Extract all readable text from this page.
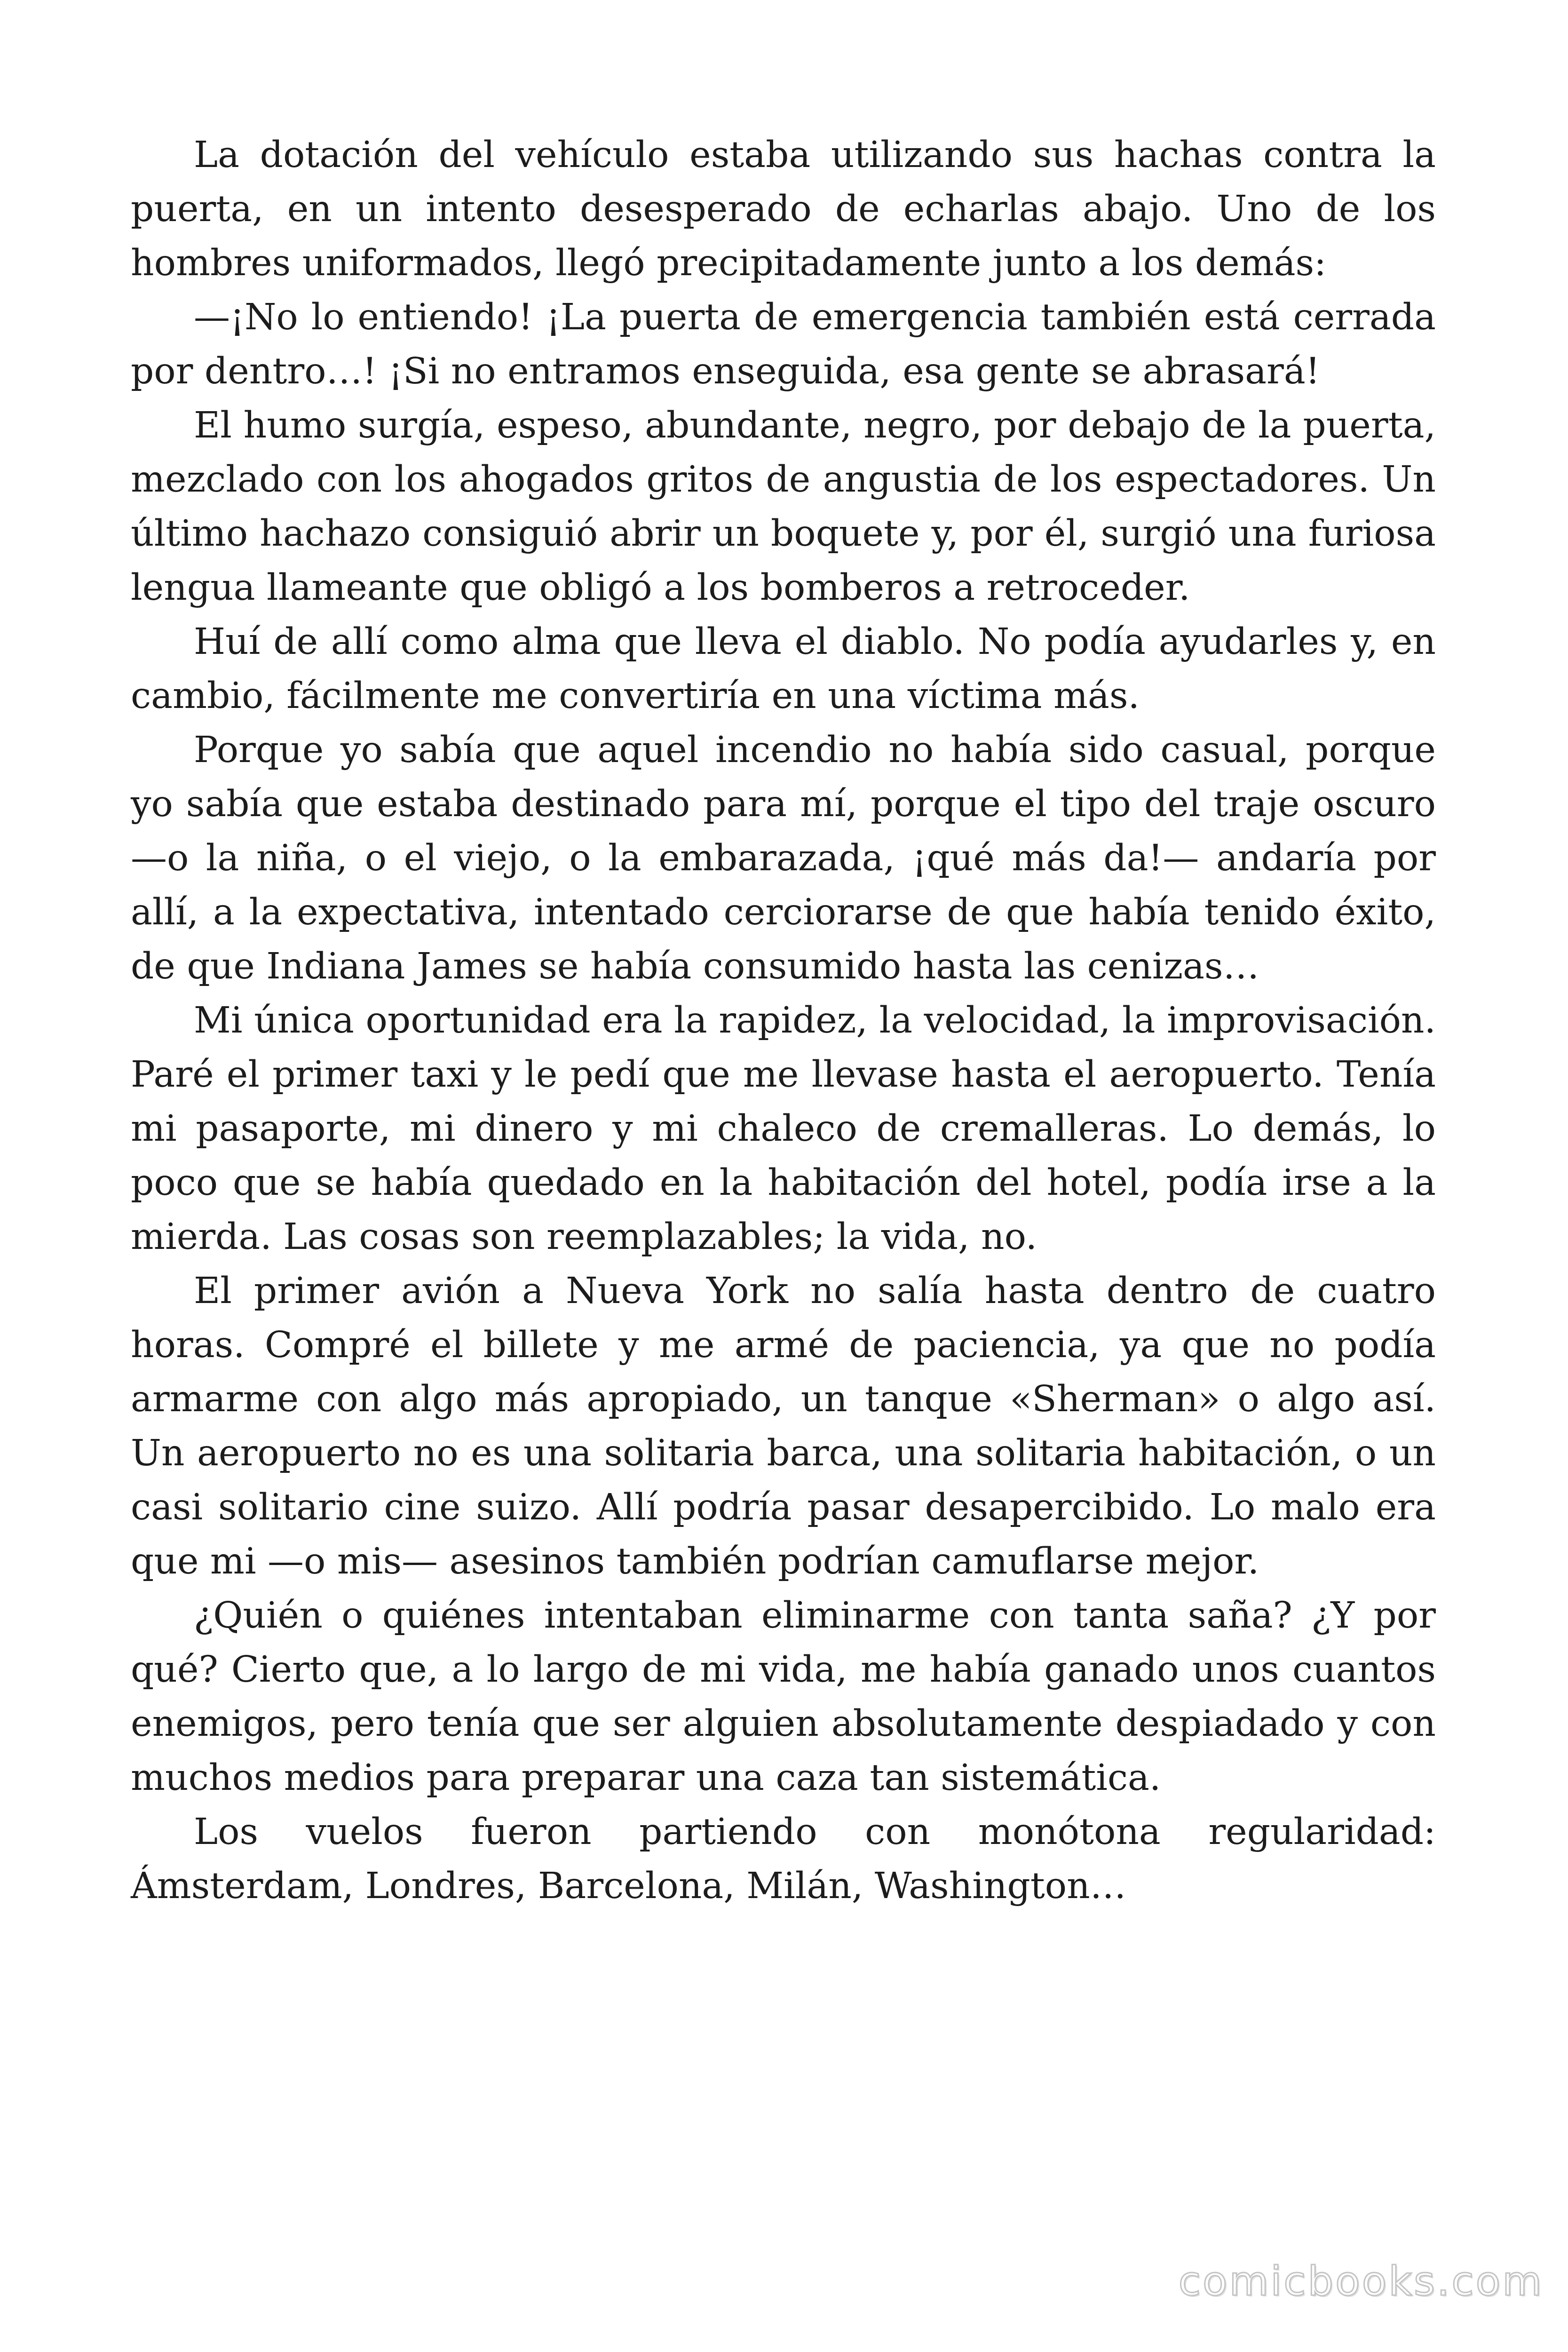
La dotación del vehículo estaba utilizando sus hachas contra la puerta, en un intento desesperado de echarlas abajo. Uno de los hombres uniformados, llegó precipitadamente junto a los demás:

—¡No lo entiendo! ¡La puerta de emergencia también está cerrada por dentro…! ¡Si no entramos enseguida, esa gente se abrasará!

El humo surgía, espeso, abundante, negro, por debajo de la puerta, mezclado con los ahogados gritos de angustia de los espectadores. Un último hachazo consiguió abrir un boquete y, por él, surgió una furiosa lengua llameante que obligó a los bomberos a retroceder.

Huí de allí como alma que lleva el diablo. No podía ayudarles y, en cambio, fácilmente me convertiría en una víctima más.

Porque yo sabía que aquel incendio no había sido casual, porque yo sabía que estaba destinado para mí, porque el tipo del traje oscuro —o la niña, o el viejo, o la embarazada, ¡qué más da!— andaría por allí, a la expectativa, intentado cerciorarse de que había tenido éxito, de que Indiana James se había consumido hasta las cenizas…

Mi única oportunidad era la rapidez, la velocidad, la improvisación. Paré el primer taxi y le pedí que me llevase hasta el aeropuerto. Tenía mi pasaporte, mi dinero y mi chaleco de cremalleras. Lo demás, lo poco que se había quedado en la habitación del hotel, podía irse a la mierda. Las cosas son reemplazables; la vida, no.

El primer avión a Nueva York no salía hasta dentro de cuatro horas. Compré el billete y me armé de paciencia, ya que no podía armarme con algo más apropiado, un tanque «Sherman» o algo así. Un aeropuerto no es una solitaria barca, una solitaria habitación, o un casi solitario cine suizo. Allí podría pasar desapercibido. Lo malo era que mi —o mis— asesinos también podrían camuflarse mejor.

¿Quién o quiénes intentaban eliminarme con tanta saña? ¿Y por qué? Cierto que, a lo largo de mi vida, me había ganado unos cuantos enemigos, pero tenía que ser alguien absolutamente despiadado y con muchos medios para preparar una caza tan sistemática.

Los vuelos fueron partiendo con monótona regularidad: Ámsterdam, Londres, Barcelona, Milán, Washington…

comicbooks.com
